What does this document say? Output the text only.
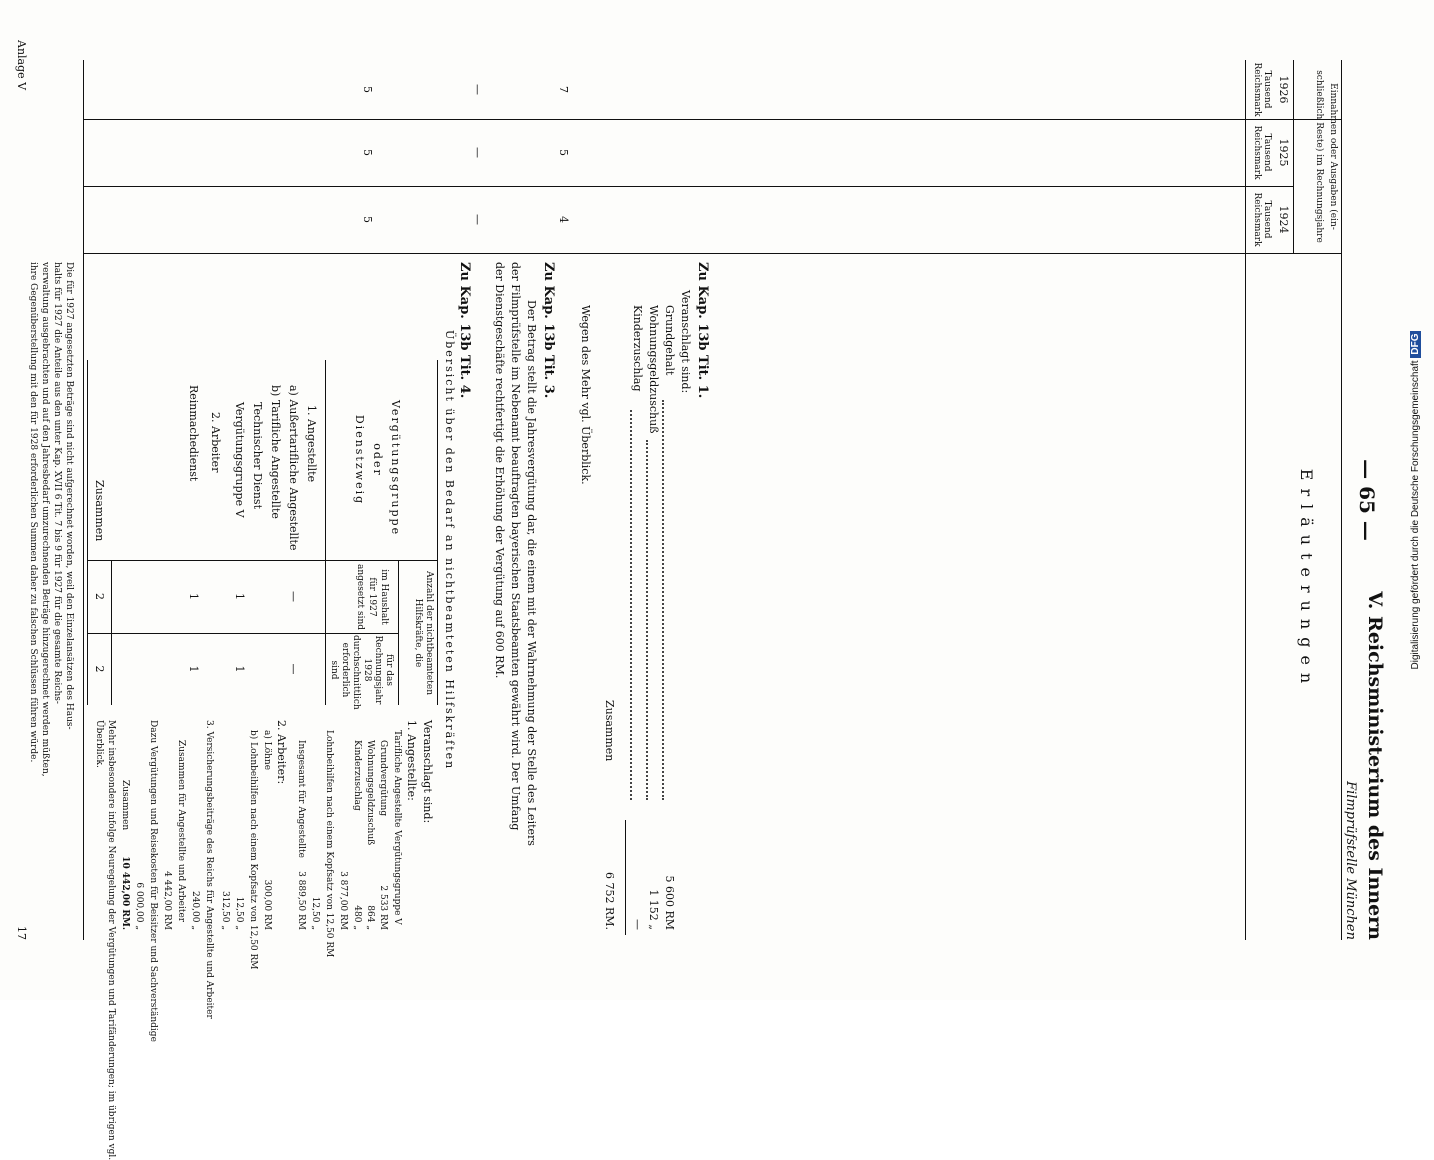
Digitalisierung gefördert durch die Deutsche Forschungsgemeinschaft DFG
— 65 —
V. Reichsministerium des Innern
Filmprüfstelle München
Erläuterungen
Einnahmen oder Ausgaben (ein-
schließlich Reste) im Rechnungsjahre
1926
1925
1924
Tausend Reichsmark
Tausend Reichsmark
Tausend Reichsmark
5
5
5
—
—
—
7
5
4
Zu Kap. 13b Tit. 1.
Veranschlagt sind:
Grundgehalt
5 600 RM
Wohnungsgeldzuschuß
1 152 „
Kinderzuschlag
—
Zusammen
6 752 RM.
Wegen des Mehr vgl. Überblick.
Zu Kap. 13b Tit. 3.
Der Betrag stellt die Jahresvergütung dar, die einem mit der Wahrnehmung der Stelle des Leiters
der Filmprüfstelle im Nebenamt beauftragten bayerischen Staatsbeamten gewährt wird. Der Umfang
der Dienstgeschäfte rechtfertigt die Erhöhung der Vergütung auf 600 RM.
Zu Kap. 13b Tit. 4.
Übersicht über den Bedarf an nichtbeamteten Hilfskräften
Vergütungsgruppe oder Dienstzweig
Anzahl der nichtbeamteten Hilfskräfte, die
im Haushalt für 1927 angesetzt sind
für das Rechnungsjahr 1928 durchschnittlich erforderlich sind
1. Angestellte
a) Außertarifliche Angestellte
—
—
b) Tarifliche Angestellte
Technischer Dienst
Vergütungsgruppe V
1
1
2. Arbeiter
Reinmachedienst
1
1
Zusammen
2
2
Veranschlagt sind:
1. Angestellte:
Tarifliche Angestellte Vergütungsgruppe V
Grundvergütung
2 533 RM
Wohnungsgeldzuschuß
864 „
Kinderzuschlag
480 „
3 877,00 RM
Lohnbeihilfen nach einem Kopfsatz von 12,50 RM
12,50 „
Insgesamt für Angestellte
3 889,50 RM
2. Arbeiter:
a) Löhne
300,00 RM
b) Lohnbeihilfen nach einem Kopfsatz von 12,50 RM
12,50 „
312,50 „
3. Versicherungsbeiträge des Reichs für Angestellte und Arbeiter
240,00 „
Zusammen für Angestellte und Arbeiter
4 442,00 RM
Dazu Vergütungen und Reisekosten für Beisitzer und Sachverständige
6 000,00 „
Zusammen
10 442,00 RM.
Mehr insbesondere infolge Neuregelung der Vergütungen und Tarifänderungen; im übrigen vgl.
Überblick.
Die für 1927 angesetzten Beträge sind nicht aufgerechnet worden, weil den Einzelansätzen des Haus-
halts für 1927 die Anteile aus den unter Kap. XVII 6 Tit. 7 bis 9 für 1927 für die gesamte Reichs-
verwaltung ausgebrachten und auf den Jahresbedarf umzurechnenden Beträge hinzugerechnet werden müßten,
ihre Gegenüberstellung mit den für 1928 erforderlichen Summen daher zu falschen Schlüssen führen würde.
Anlage V
17
